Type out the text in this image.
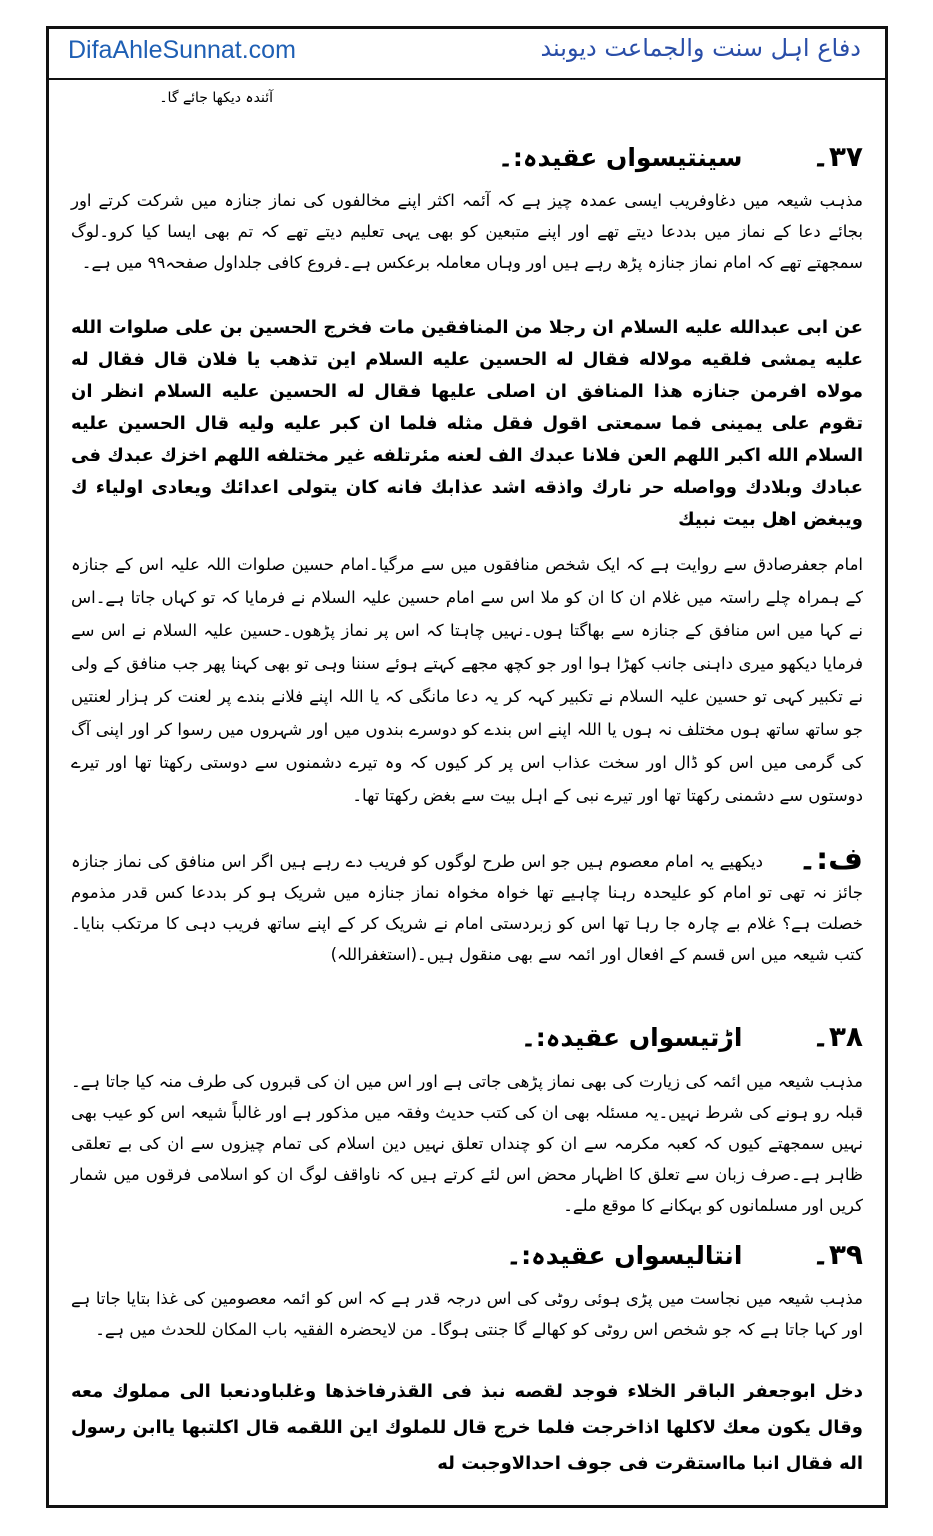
DifaAhleSunnat.com	دفاع اہل سنت والجماعت دیوبند
آئندہ دیکھا جائے گا۔
۳۷۔سینتیسواں عقیدہ:۔
مذہب شیعہ میں دغاوفریب ایسی عمدہ چیز ہے کہ آئمہ اکثر اپنے مخالفوں کی نماز جنازہ میں شرکت کرتے اور بجائے دعا کے نماز میں بددعا دیتے تھے اور اپنے متبعین کو بھی یہی تعلیم دیتے تھے کہ تم بھی ایسا کیا کرو۔لوگ سمجھتے تھے کہ امام نماز جنازہ پڑھ رہے ہیں اور وہاں معاملہ برعکس ہے۔فروع کافی جلداول صفحہ۹۹ میں ہے۔
عن ابى عبدالله عليه السلام ان رجلا من المنافقين مات فخرج الحسين بن على صلوات الله عليه يمشى فلقيه مولاله فقال له الحسين عليه السلام اين تذهب يا فلان قال فقال له مولاه افرمن جنازه هذا المنافق ان اصلى عليها فقال له الحسين عليه السلام انظر ان تقوم على يمينى فما سمعتى اقول فقل مثله فلما ان كبر عليه وليه قال الحسين عليه السلام الله اكبر اللهم العن فلانا عبدك الف لعنه مئرتلفه غير مختلفه اللهم اخزك عبدك فى عبادك وبلادك وواصله حر نارك واذقه اشد عذابك فانه كان يتولى اعدائك ويعادى اولياء ك ويبغض اهل بيت نبيك
امام جعفرصادق سے روایت ہے کہ ایک شخص منافقوں میں سے مرگیا۔امام حسین صلوات اللہ علیہ اس کے جنازہ کے ہمراہ چلے راستہ میں غلام ان کا ان کو ملا اس سے امام حسین علیہ السلام نے فرمایا کہ تو کہاں جاتا ہے۔اس نے کہا میں اس منافق کے جنازہ سے بھاگتا ہوں۔نہیں چاہتا کہ اس پر نماز پڑھوں۔حسین علیہ السلام نے اس سے فرمایا دیکھو میری داہنی جانب کھڑا ہوا اور جو کچھ مجھے کہتے ہوئے سننا وہی تو بھی کہنا پھر جب منافق کے ولی نے تکبیر کہی تو حسین علیہ السلام نے تکبیر کہہ کر یہ دعا مانگی کہ یا اللہ اپنے فلانے بندے پر لعنت کر ہزار لعنتیں جو ساتھ ساتھ ہوں مختلف نہ ہوں یا اللہ اپنے اس بندے کو دوسرے بندوں میں اور شہروں میں رسوا کر اور اپنی آگ کی گرمی میں اس کو ڈال اور سخت عذاب اس پر کر کیوں کہ وہ تیرے دشمنوں سے دوستی رکھتا تھا اور تیرے دوستوں سے دشمنی رکھتا تھا اور تیرے نبی کے اہل بیت سے بغض رکھتا تھا۔
ف:۔
دیکھیے یہ امام معصوم ہیں جو اس طرح لوگوں کو فریب دے رہے ہیں اگر اس منافق کی نماز جنازہ جائز نہ تھی تو امام کو علیحدہ رہنا چاہیے تھا خواہ مخواہ نماز جنازہ میں شریک ہو کر بددعا کس قدر مذموم خصلت ہے؟ غلام بے چارہ جا رہا تھا اس کو زبردستی امام نے شریک کر کے اپنے ساتھ فریب دہی کا مرتکب بنایا۔کتب شیعہ میں اس قسم کے افعال اور ائمہ سے بھی منقول ہیں۔(استغفراللہ)
۳۸۔اڑتیسواں عقیدہ:۔
مذہب شیعہ میں ائمہ کی زیارت کی بھی نماز پڑھی جاتی ہے اور اس میں ان کی قبروں کی طرف منہ کیا جاتا ہے۔قبلہ رو ہونے کی شرط نہیں۔یہ مسئلہ بھی ان کی کتب حدیث وفقہ میں مذکور ہے اور غالباً شیعہ اس کو عیب بھی نہیں سمجھتے کیوں کہ کعبہ مکرمہ سے ان کو چنداں تعلق نہیں دین اسلام کی تمام چیزوں سے ان کی بے تعلقی ظاہر ہے۔صرف زبان سے تعلق کا اظہار محض اس لئے کرتے ہیں کہ ناواقف لوگ ان کو اسلامی فرقوں میں شمار کریں اور مسلمانوں کو بہکانے کا موقع ملے۔
۳۹۔انتالیسواں عقیدہ:۔
مذہب شیعہ میں نجاست میں پڑی ہوئی روٹی کی اس درجہ قدر ہے کہ اس کو ائمہ معصومین کی غذا بتایا جاتا ہے اور کہا جاتا ہے کہ جو شخص اس روٹی کو کھالے گا جنتی ہوگا۔ من لایحضرہ الفقیہ باب المکان للحدث میں ہے۔
دخل ابوجعفر الباقر الخلاء فوجد لقصه نبذ فى القذرفاخذها وغلباودنعبا الى مملوك معه وقال يكون معك لاكلها اذاخرجت فلما خرج قال للملوك اين اللقمه قال اكلتبها ياابن رسول اله فقال انبا مااستقرت فى جوف احدالاوجبت له
